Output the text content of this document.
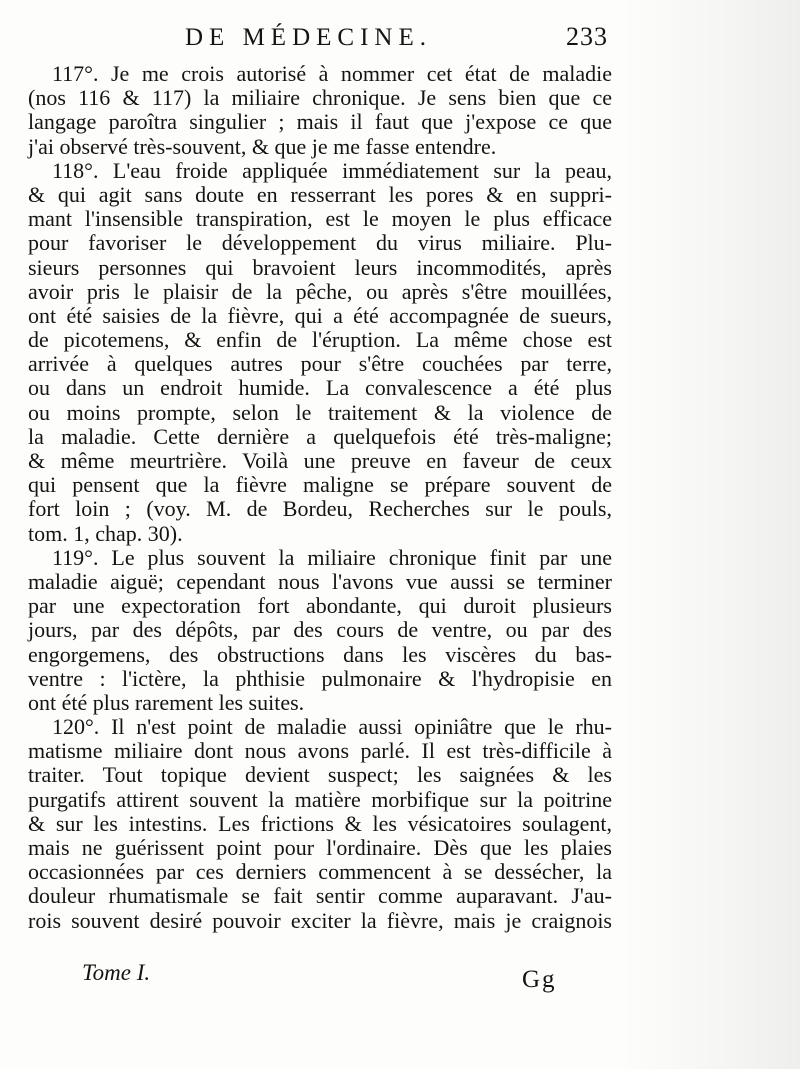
DE MÉDECINE.	233
117°. Je me crois autorisé à nommer cet état de maladie
(nos 116 & 117) la miliaire chronique. Je sens bien que ce
langage paroîtra singulier ; mais il faut que j'expose ce que
j'ai observé très-souvent, & que je me fasse entendre.
118°. L'eau froide appliquée immédiatement sur la peau,
& qui agit sans doute en resserrant les pores & en suppri-
mant l'insensible transpiration, est le moyen le plus efficace
pour favoriser le développement du virus miliaire. Plu-
sieurs personnes qui bravoient leurs incommodités, après
avoir pris le plaisir de la pêche, ou après s'être mouillées,
ont été saisies de la fièvre, qui a été accompagnée de sueurs,
de picotemens, & enfin de l'éruption. La même chose est
arrivée à quelques autres pour s'être couchées par terre,
ou dans un endroit humide. La convalescence a été plus
ou moins prompte, selon le traitement & la violence de
la maladie. Cette dernière a quelquefois été très-maligne;
& même meurtrière. Voilà une preuve en faveur de ceux
qui pensent que la fièvre maligne se prépare souvent de
fort loin ; (voy. M. de Bordeu, Recherches sur le pouls,
tom. 1, chap. 30).
119°. Le plus souvent la miliaire chronique finit par une
maladie aiguë; cependant nous l'avons vue aussi se terminer
par une expectoration fort abondante, qui duroit plusieurs
jours, par des dépôts, par des cours de ventre, ou par des
engorgemens, des obstructions dans les viscères du bas-
ventre : l'ictère, la phthisie pulmonaire & l'hydropisie en
ont été plus rarement les suites.
120°. Il n'est point de maladie aussi opiniâtre que le rhu-
matisme miliaire dont nous avons parlé. Il est très-difficile à
traiter. Tout topique devient suspect; les saignées & les
purgatifs attirent souvent la matière morbifique sur la poitrine
& sur les intestins. Les frictions & les vésicatoires soulagent,
mais ne guérissent point pour l'ordinaire. Dès que les plaies
occasionnées par ces derniers commencent à se dessécher, la
douleur rhumatismale se fait sentir comme auparavant. J'au-
rois souvent desiré pouvoir exciter la fièvre, mais je craignois
Tome I.	Gg
